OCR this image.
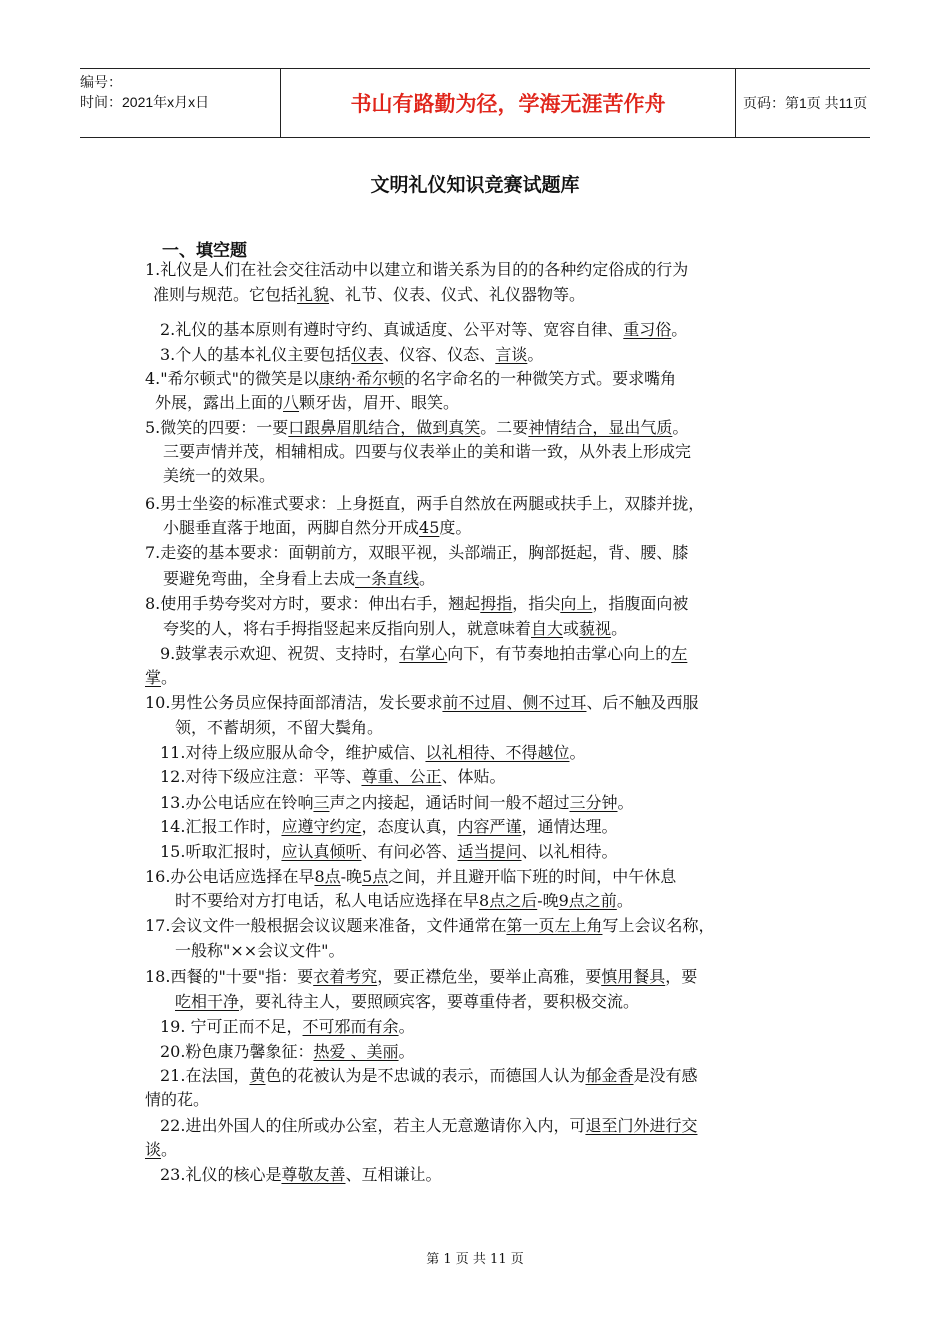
编号：
时间：2021年x月x日	书山有路勤为径，学海无涯苦作舟	页码：第1页 共11页
文明礼仪知识竞赛试题库
一、填空题
1.礼仪是人们在社会交往活动中以建立和谐关系为目的的各种约定俗成的行为
准则与规范。它包括礼貌、礼节、仪表、仪式、礼仪器物等。
2.礼仪的基本原则有遵时守约、真诚适度、公平对等、宽容自律、重习俗。
3.个人的基本礼仪主要包括仪表、仪容、仪态、言谈。
4."希尔顿式"的微笑是以康纳·希尔顿的名字命名的一种微笑方式。要求嘴角
外展，露出上面的八颗牙齿，眉开、眼笑。
5.微笑的四要：一要口跟鼻眉肌结合，做到真笑。二要神情结合，显出气质。
三要声情并茂，相辅相成。四要与仪表举止的美和谐一致，从外表上形成完
美统一的效果。
6.男士坐姿的标准式要求：上身挺直，两手自然放在两腿或扶手上，双膝并拢，
小腿垂直落于地面，两脚自然分开成45度。
7.走姿的基本要求：面朝前方，双眼平视，头部端正，胸部挺起，背、腰、膝
要避免弯曲，全身看上去成一条直线。
8.使用手势夸奖对方时，要求：伸出右手，翘起拇指，指尖向上，指腹面向被
夸奖的人，将右手拇指竖起来反指向别人，就意味着自大或藐视。
9.鼓掌表示欢迎、祝贺、支持时，右掌心向下，有节奏地拍击掌心向上的左
掌。
10.男性公务员应保持面部清洁，发长要求前不过眉、侧不过耳、后不触及西服
领，不蓄胡须，不留大鬓角。
11.对待上级应服从命令，维护威信、以礼相待、不得越位。
12.对待下级应注意：平等、尊重、公正、体贴。
13.办公电话应在铃响三声之内接起，通话时间一般不超过三分钟。
14.汇报工作时，应遵守约定，态度认真，内容严谨，通情达理。
15.听取汇报时，应认真倾听、有问必答、适当提问、以礼相待。
16.办公电话应选择在早8点-晚5点之间，并且避开临下班的时间，中午休息
时不要给对方打电话，私人电话应选择在早8点之后-晚9点之前。
17.会议文件一般根据会议议题来准备，文件通常在第一页左上角写上会议名称，
一般称"××会议文件"。
18.西餐的"十要"指：要衣着考究，要正襟危坐，要举止高雅，要慎用餐具，要
吃相干净，要礼待主人，要照顾宾客，要尊重侍者，要积极交流。
19. 宁可正而不足，不可邪而有余。
20.粉色康乃馨象征：热爱 、美丽。
21.在法国，黄色的花被认为是不忠诚的表示，而德国人认为郁金香是没有感
情的花。
22.进出外国人的住所或办公室，若主人无意邀请你入内，可退至门外进行交
谈。
23.礼仪的核心是尊敬友善、互相谦让。
第 1 页 共 11 页
